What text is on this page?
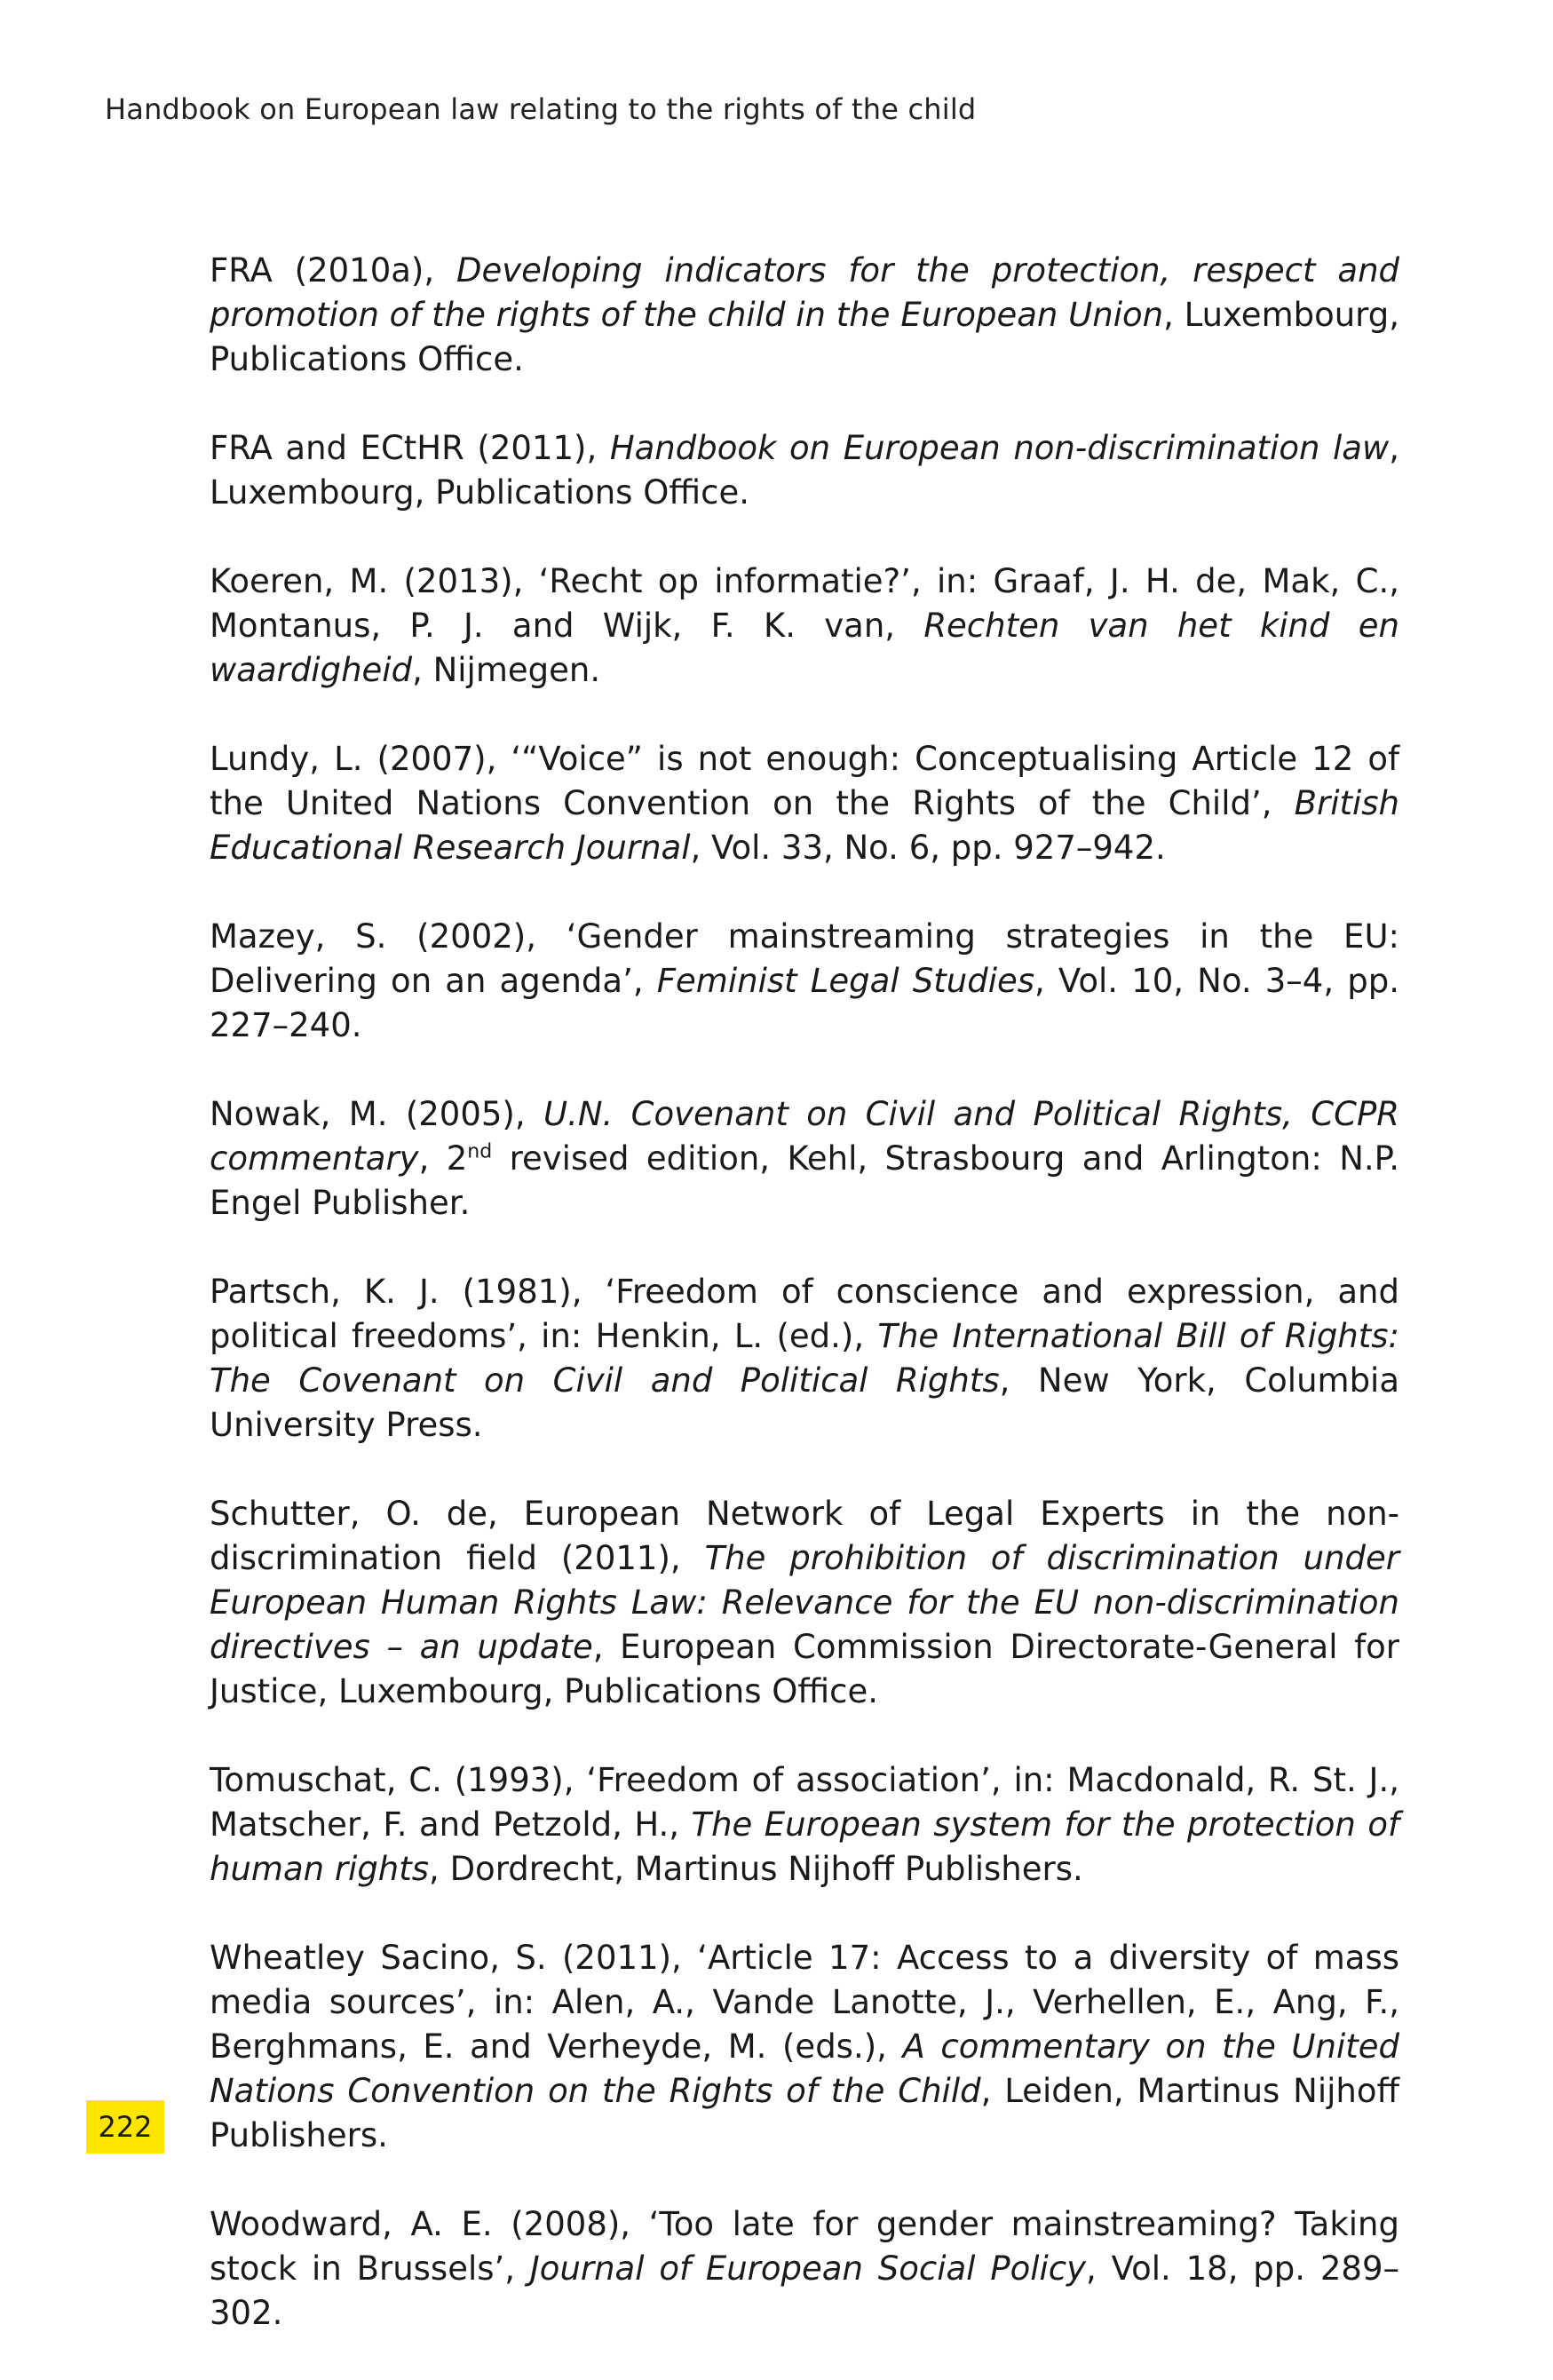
Handbook on European law relating to the rights of the child
FRA (2010a), Developing indicators for the protection, respect and promotion of the rights of the child in the European Union, Luxembourg, Publications Office.
FRA and ECtHR (2011), Handbook on European non-discrimination law, Luxembourg, Publications Office.
Koeren, M. (2013), ‘Recht op informatie?’, in: Graaf, J. H. de, Mak, C., Montanus, P. J. and Wijk, F. K. van, Rechten van het kind en waardigheid, Nijmegen.
Lundy, L. (2007), ‘“Voice” is not enough: Conceptualising Article 12 of the United Nations Convention on the Rights of the Child’, British Educational Research Journal, Vol. 33, No. 6, pp. 927–942.
Mazey, S. (2002), ‘Gender mainstreaming strategies in the EU: Delivering on an agenda’, Feminist Legal Studies, Vol. 10, No. 3–4, pp. 227–240.
Nowak, M. (2005), U.N. Covenant on Civil and Political Rights, CCPR commentary, 2nd revised edition, Kehl, Strasbourg and Arlington: N.P. Engel Publisher.
Partsch, K. J. (1981), ‘Freedom of conscience and expression, and political freedoms’, in: Henkin, L. (ed.), The International Bill of Rights: The Covenant on Civil and Political Rights, New York, Columbia University Press.
Schutter, O. de, European Network of Legal Experts in the non-discrimination field (2011), The prohibition of discrimination under European Human Rights Law: Relevance for the EU non-discrimination directives – an update, European Commission Directorate-General for Justice, Luxembourg, Publications Office.
Tomuschat, C. (1993), ‘Freedom of association’, in: Macdonald, R. St. J., Matscher, F. and Petzold, H., The European system for the protection of human rights, Dordrecht, Martinus Nijhoff Publishers.
Wheatley Sacino, S. (2011), ‘Article 17: Access to a diversity of mass media sources’, in: Alen, A., Vande Lanotte, J., Verhellen, E., Ang, F., Berghmans, E. and Verheyde, M. (eds.), A commentary on the United Nations Convention on the Rights of the Child, Leiden, Martinus Nijhoff Publishers.
Woodward, A. E. (2008), ‘Too late for gender mainstreaming? Taking stock in Brussels’, Journal of European Social Policy, Vol. 18, pp. 289–302.
222
